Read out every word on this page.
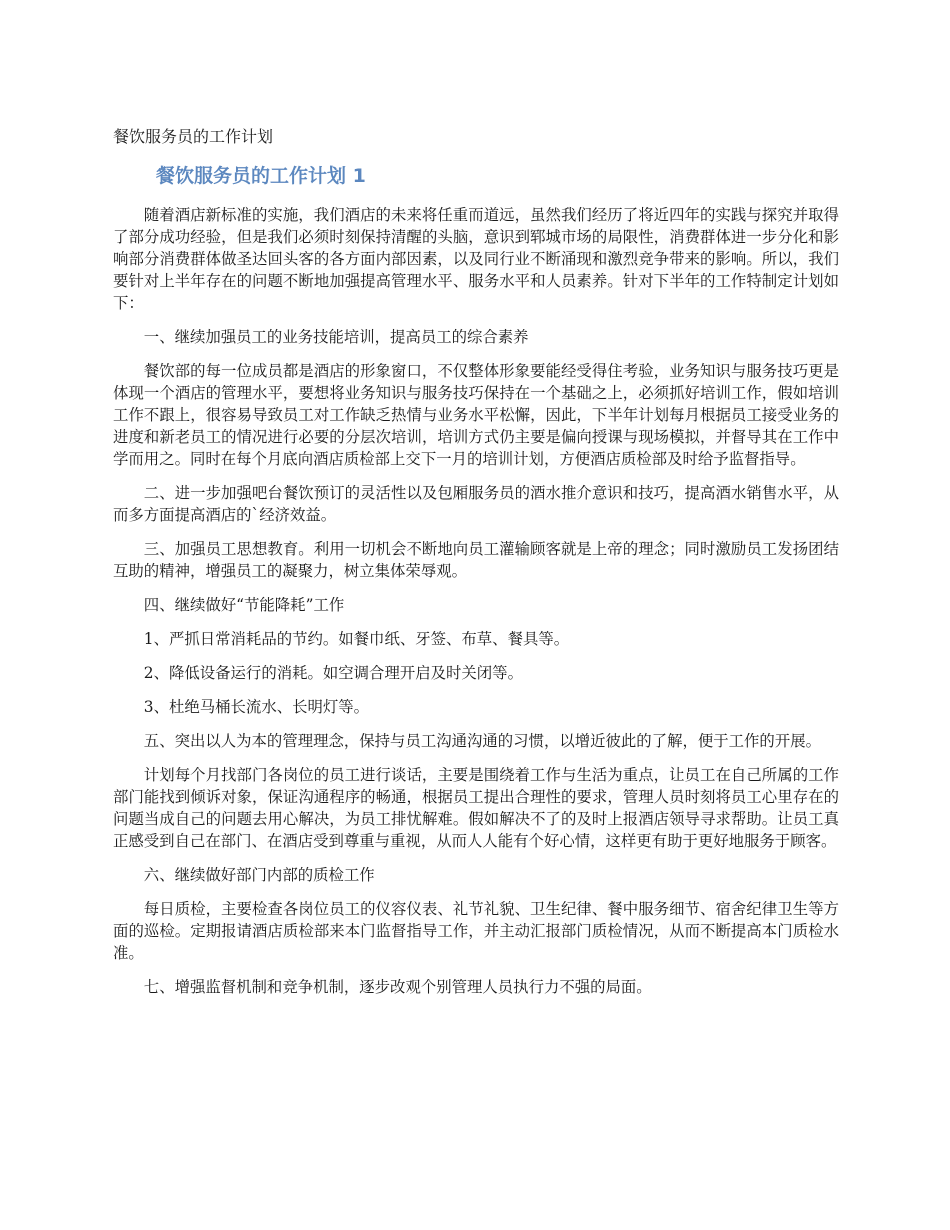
餐饮服务员的工作计划
餐饮服务员的工作计划 1

随着酒店新标准的实施，我们酒店的未来将任重而道远，虽然我们经历了将近四年的实践与探究并取得了部分成功经验，但是我们必须时刻保持清醒的头脑，意识到郓城市场的局限性，消费群体进一步分化和影响部分消费群体做圣达回头客的各方面内部因素，以及同行业不断涌现和激烈竞争带来的影响。所以，我们要针对上半年存在的问题不断地加强提高管理水平、服务水平和人员素养。针对下半年的工作特制定计划如下：

一、继续加强员工的业务技能培训，提高员工的综合素养

餐饮部的每一位成员都是酒店的形象窗口，不仅整体形象要能经受得住考验，业务知识与服务技巧更是体现一个酒店的管理水平，要想将业务知识与服务技巧保持在一个基础之上，必须抓好培训工作，假如培训工作不跟上，很容易导致员工对工作缺乏热情与业务水平松懈，因此，下半年计划每月根据员工接受业务的进度和新老员工的情况进行必要的分层次培训，培训方式仍主要是偏向授课与现场模拟，并督导其在工作中学而用之。同时在每个月底向酒店质检部上交下一月的培训计划，方便酒店质检部及时给予监督指导。

二、进一步加强吧台餐饮预订的灵活性以及包厢服务员的酒水推介意识和技巧，提高酒水销售水平，从而多方面提高酒店的`经济效益。

三、加强员工思想教育。利用一切机会不断地向员工灌输顾客就是上帝的理念；同时激励员工发扬团结互助的精神，增强员工的凝聚力，树立集体荣辱观。

四、继续做好“节能降耗”工作

1、严抓日常消耗品的节约。如餐巾纸、牙签、布草、餐具等。

2、降低设备运行的消耗。如空调合理开启及时关闭等。

3、杜绝马桶长流水、长明灯等。

五、突出以人为本的管理理念，保持与员工沟通沟通的习惯，以增近彼此的了解，便于工作的开展。

计划每个月找部门各岗位的员工进行谈话，主要是围绕着工作与生活为重点，让员工在自己所属的工作部门能找到倾诉对象，保证沟通程序的畅通，根据员工提出合理性的要求，管理人员时刻将员工心里存在的问题当成自己的问题去用心解决，为员工排忧解难。假如解决不了的及时上报酒店领导寻求帮助。让员工真正感受到自己在部门、在酒店受到尊重与重视，从而人人能有个好心情，这样更有助于更好地服务于顾客。

六、继续做好部门内部的质检工作

每日质检，主要检查各岗位员工的仪容仪表、礼节礼貌、卫生纪律、餐中服务细节、宿舍纪律卫生等方面的巡检。定期报请酒店质检部来本门监督指导工作，并主动汇报部门质检情况，从而不断提高本门质检水准。

七、增强监督机制和竞争机制，逐步改观个别管理人员执行力不强的局面。
